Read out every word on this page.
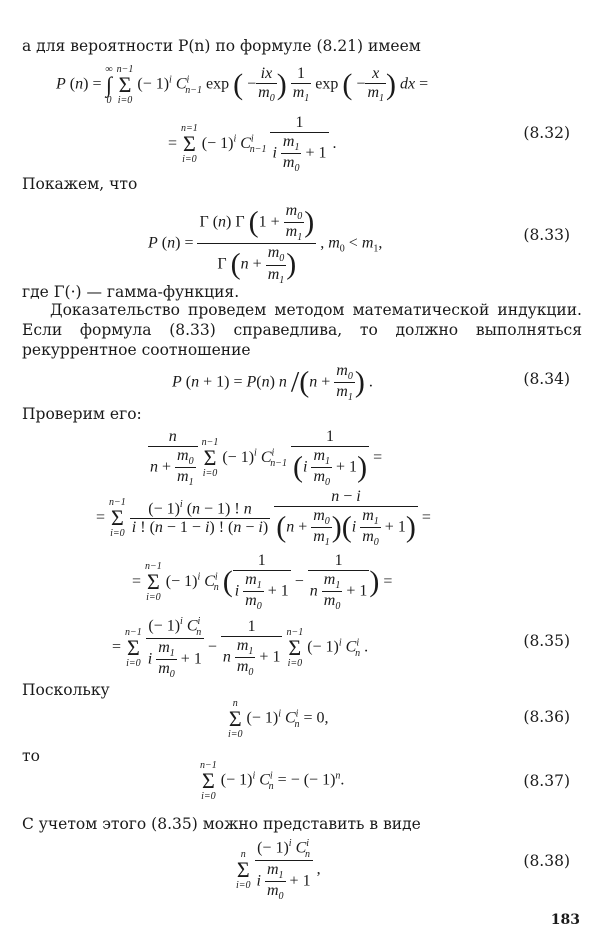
а для вероятности P(n) по формуле (8.21) имеем
P (n) =
∞
∫
0

n−1
Σ
i=0
(− 1)$^i$ $C^i_{n-1}$ exp ( − $\frac{ix}{m_0}$ ) $\frac{1}{m_1}$ exp ( − $\frac{x}{m_1}$ ) dx =
=
n=1
Σ
i=0
(− 1)$^i$ $C^i_{n-1} \frac{1}{i \frac{m_1}{m_0} + 1}$ .
(8.32)
Покажем, что
P $(n) = \frac{\Gamma (n) \Gamma (1 + \frac{m_0}{m_1} )}{\Gamma (n + \frac{m_0}{m_1} )}$ , $m_0 < m_1$,	(8.33)
где Γ(·) — гамма-функция.
Доказательство проведем методом математической индукции. Если формула (8.33) справедлива, то должно выполняться рекуррентное соотношение
P (n + 1) = P(n) n $/(n + \frac{m_0}{m_1}$ ) .	(8.34)
Проверим его:
$\frac{n}{n + \frac{m_0}{m_1}}$
n−1
Σ
i=0
(− 1)$^i$ $C^i_{n-1} \frac{1}{(i \frac{m_1}{m_0} + 1)}$ =
=
n−1
Σ
i=0
$\frac{(- 1)^i (n - 1) ! n}{i ! (n - 1 - i) ! (n - i)}$
$\frac{n - i}{(n + \frac{m_0}{m_1} )(i \frac{m_1}{m_0} + 1)}$ =
=
n−1
Σ
i=0
(− 1)$^i$ $C^i_n$ ( $\frac{1}{i \frac{m_1}{m_0} + 1} - \frac{1}{n \frac{m_1}{m_0} + 1}$ ) =
=
n−1
Σ
i=0
$\frac{(- 1)^i C^i_n}{i \frac{m_1}{m_0} + 1} - \frac{1}{n \frac{m_1}{m_0} + 1}$
n−1
Σ
i=0
(− 1)$^i$ $C^i_n$ .	(8.35)
Поскольку
n
Σ
i=0
(− 1)$^i$ $C^i_n = 0$,	(8.36)
то
n−1
Σ
i=0
(− 1)$^i$ $C^i_n$ = − (− 1)$^n$.	(8.37)
С учетом этого (8.35) можно представить в виде
n
Σ
i=0
$\frac{(- 1)^i C^i_n}{i \frac{m_1}{m_0} + 1}$ ,	(8.38)
183
